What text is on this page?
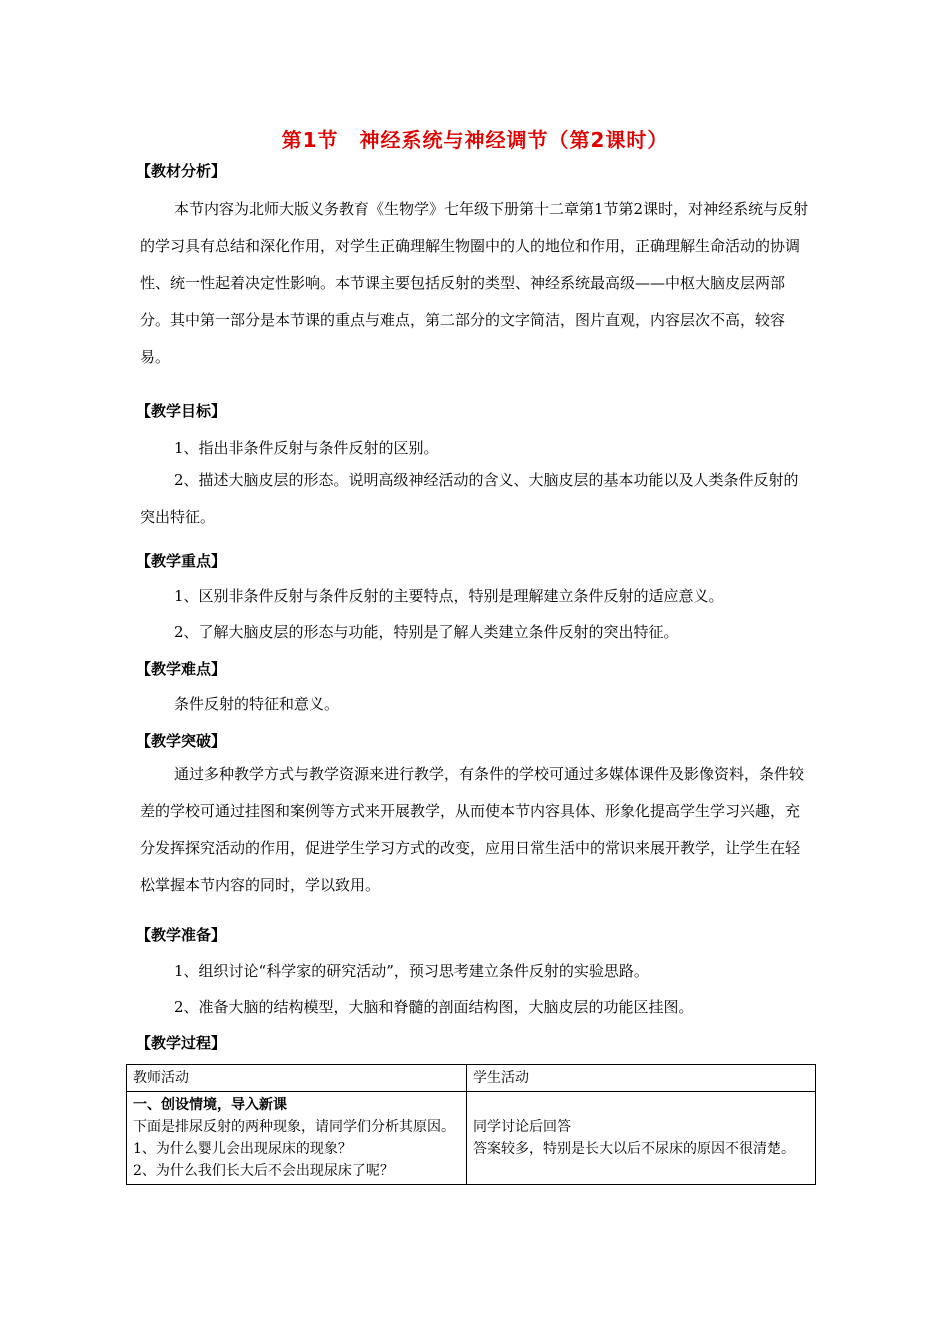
第1节　神经系统与神经调节（第2课时）
【教材分析】

本节内容为北师大版义务教育《生物学》七年级下册第十二章第1节第2课时，对神经系统与反射的学习具有总结和深化作用，对学生正确理解生物圈中的人的地位和作用，正确理解生命活动的协调性、统一性起着决定性影响。本节课主要包括反射的类型、神经系统最高级——中枢大脑皮层两部分。其中第一部分是本节课的重点与难点，第二部分的文字简洁，图片直观，内容层次不高，较容易。

【教学目标】
1、指出非条件反射与条件反射的区别。

2、描述大脑皮层的形态。说明高级神经活动的含义、大脑皮层的基本功能以及人类条件反射的突出特征。

【教学重点】
1、区别非条件反射与条件反射的主要特点，特别是理解建立条件反射的适应意义。
2、了解大脑皮层的形态与功能，特别是了解人类建立条件反射的突出特征。
【教学难点】
条件反射的特征和意义。
【教学突破】

通过多种教学方式与教学资源来进行教学，有条件的学校可通过多媒体课件及影像资料，条件较差的学校可通过挂图和案例等方式来开展教学，从而使本节内容具体、形象化提高学生学习兴趣，充分发挥探究活动的作用，促进学生学习方式的改变，应用日常生活中的常识来展开教学，让学生在轻松掌握本节内容的同时，学以致用。

【教学准备】
1、组织讨论“科学家的研究活动”，预习思考建立条件反射的实验思路。
2、准备大脑的结构模型，大脑和脊髓的剖面结构图，大脑皮层的功能区挂图。
【教学过程】
教师活动	学生活动

一、创设情境，导入新课
下面是排尿反射的两种现象，请同学们分析其原因。
1、为什么婴儿会出现尿床的现象？
2、为什么我们长大后不会出现尿床了呢？	同学讨论后回答
答案较多，特别是长大以后不尿床的原因不很清楚。
